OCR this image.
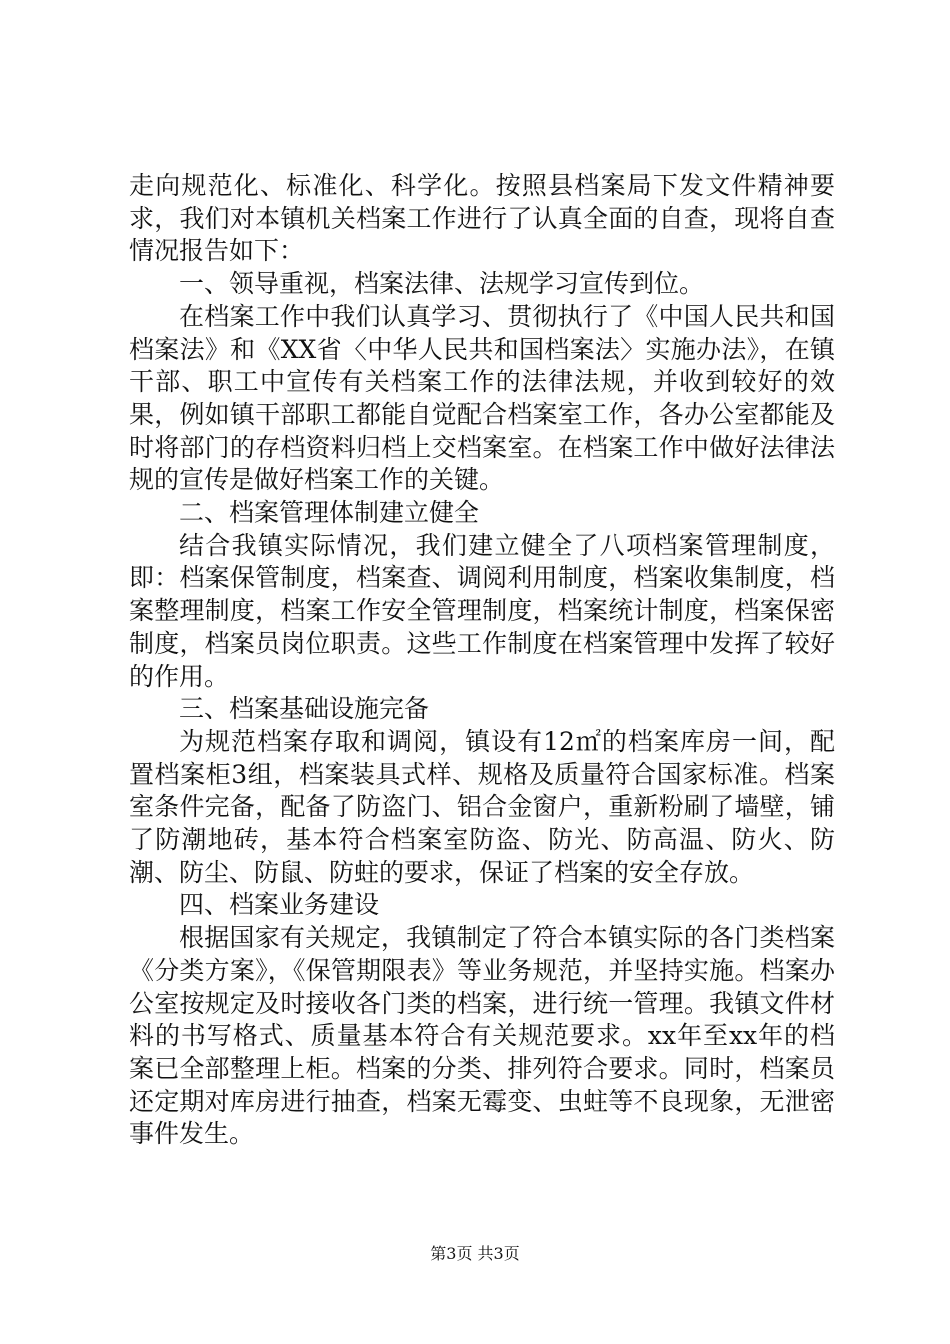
走向规范化、标准化、科学化。按照县档案局下发文件精神要求，我们对本镇机关档案工作进行了认真全面的自查，现将自查情况报告如下：

一、领导重视，档案法律、法规学习宣传到位。

在档案工作中我们认真学习、贯彻执行了《中国人民共和国档案法》和《XX省〈中华人民共和国档案法〉实施办法》，在镇干部、职工中宣传有关档案工作的法律法规，并收到较好的效果，例如镇干部职工都能自觉配合档案室工作，各办公室都能及时将部门的存档资料归档上交档案室。在档案工作中做好法律法规的宣传是做好档案工作的关键。

二、档案管理体制建立健全

结合我镇实际情况，我们建立健全了八项档案管理制度，即：档案保管制度，档案查、调阅利用制度，档案收集制度，档案整理制度，档案工作安全管理制度，档案统计制度，档案保密制度，档案员岗位职责。这些工作制度在档案管理中发挥了较好的作用。

三、档案基础设施完备

为规范档案存取和调阅，镇设有12㎡的档案库房一间，配置档案柜3组，档案装具式样、规格及质量符合国家标准。档案室条件完备，配备了防盗门、铝合金窗户，重新粉刷了墙壁，铺了防潮地砖，基本符合档案室防盗、防光、防高温、防火、防潮、防尘、防鼠、防蛀的要求，保证了档案的安全存放。

四、档案业务建设

根据国家有关规定，我镇制定了符合本镇实际的各门类档案《分类方案》，《保管期限表》等业务规范，并坚持实施。档案办公室按规定及时接收各门类的档案，进行统一管理。我镇文件材料的书写格式、质量基本符合有关规范要求。xx年至xx年的档案已全部整理上柜。档案的分类、排列符合要求。同时，档案员还定期对库房进行抽查，档案无霉变、虫蛀等不良现象，无泄密事件发生。

第3页 共3页
